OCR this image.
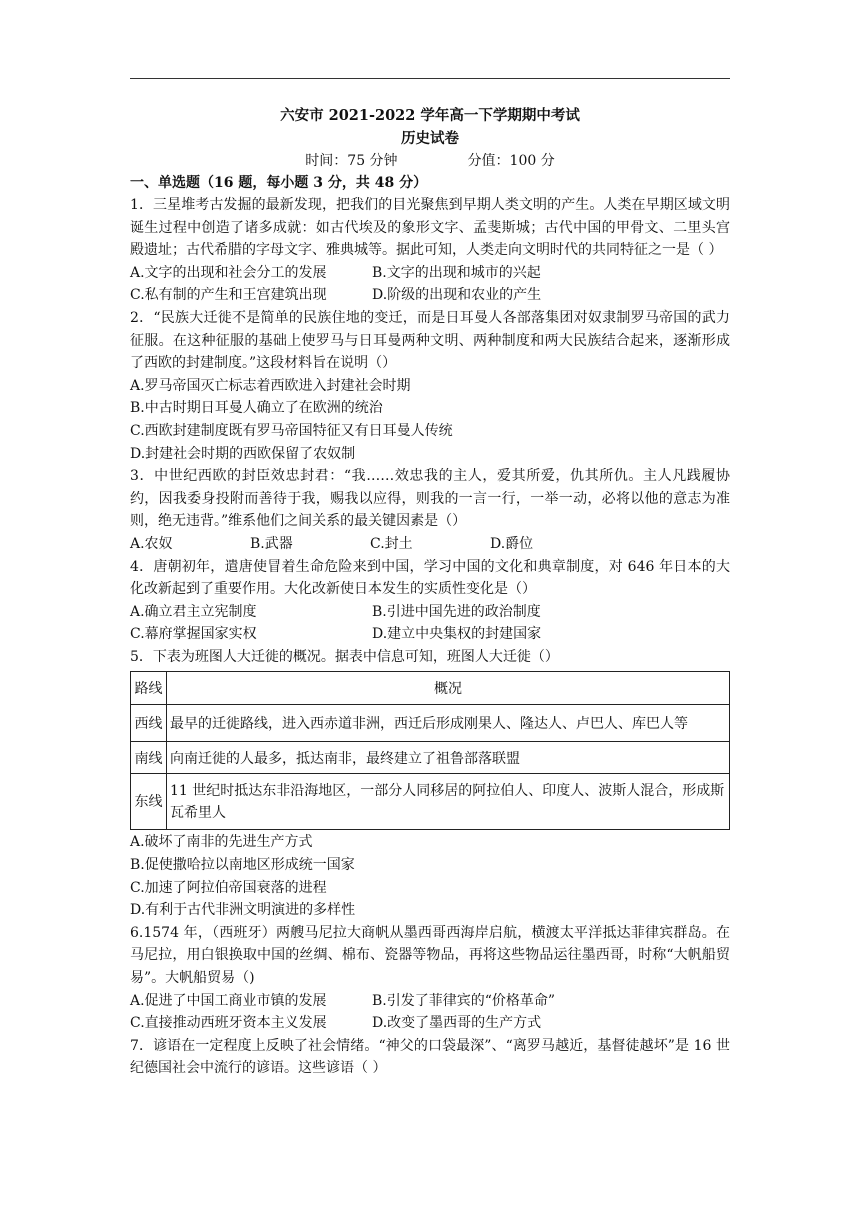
六安市 2021-2022 学年高一下学期期中考试
历史试卷
时间：75 分钟	分值：100 分
一、单选题（16 题，每小题 3 分，共 48 分）
1．三星堆考古发掘的最新发现，把我们的目光聚焦到早期人类文明的产生。人类在早期区域文明诞生过程中创造了诸多成就：如古代埃及的象形文字、孟斐斯城；古代中国的甲骨文、二里头宫殿遗址；古代希腊的字母文字、雅典城等。据此可知，人类走向文明时代的共同特征之一是（ ）
A.文字的出现和社会分工的发展	B.文字的出现和城市的兴起
C.私有制的产生和王宫建筑出现	D.阶级的出现和农业的产生
2．“民族大迁徙不是简单的民族住地的变迁，而是日耳曼人各部落集团对奴隶制罗马帝国的武力征服。在这种征服的基础上使罗马与日耳曼两种文明、两种制度和两大民族结合起来，逐渐形成了西欧的封建制度。”这段材料旨在说明（）
A.罗马帝国灭亡标志着西欧进入封建社会时期
B.中古时期日耳曼人确立了在欧洲的统治
C.西欧封建制度既有罗马帝国特征又有日耳曼人传统
D.封建社会时期的西欧保留了农奴制
3．中世纪西欧的封臣效忠封君：“我……效忠我的主人，爱其所爱，仇其所仇。主人凡践履协约，因我委身投附而善待于我，赐我以应得，则我的一言一行，一举一动，必将以他的意志为准则，绝无违背。”维系他们之间关系的最关键因素是（）
A.农奴	B.武器	C.封土	D.爵位
4．唐朝初年，遣唐使冒着生命危险来到中国，学习中国的文化和典章制度，对 646 年日本的大化改新起到了重要作用。大化改新使日本发生的实质性变化是（）
A.确立君主立宪制度	B.引进中国先进的政治制度
C.幕府掌握国家实权	D.建立中央集权的封建国家
5．下表为班图人大迁徙的概况。据表中信息可知，班图人大迁徙（）
路线	概况
西线	最早的迁徙路线，进入西赤道非洲，西迁后形成刚果人、隆达人、卢巴人、库巴人等
南线	向南迁徙的人最多，抵达南非，最终建立了祖鲁部落联盟
东线	11 世纪时抵达东非沿海地区，一部分人同移居的阿拉伯人、印度人、波斯人混合，形成斯瓦希里人
A.破坏了南非的先进生产方式
B.促使撒哈拉以南地区形成统一国家
C.加速了阿拉伯帝国衰落的进程
D.有利于古代非洲文明演进的多样性
6.1574 年，（西班牙）两艘马尼拉大商帆从墨西哥西海岸启航，横渡太平洋抵达菲律宾群岛。在马尼拉，用白银换取中国的丝绸、棉布、瓷器等物品，再将这些物品运往墨西哥，时称“大帆船贸易”。大帆船贸易（)
A.促进了中国工商业市镇的发展	B.引发了菲律宾的“价格革命”
C.直接推动西班牙资本主义发展	D.改变了墨西哥的生产方式
7．谚语在一定程度上反映了社会情绪。“神父的口袋最深”、“离罗马越近，基督徒越坏”是 16 世纪德国社会中流行的谚语。这些谚语（ ）
